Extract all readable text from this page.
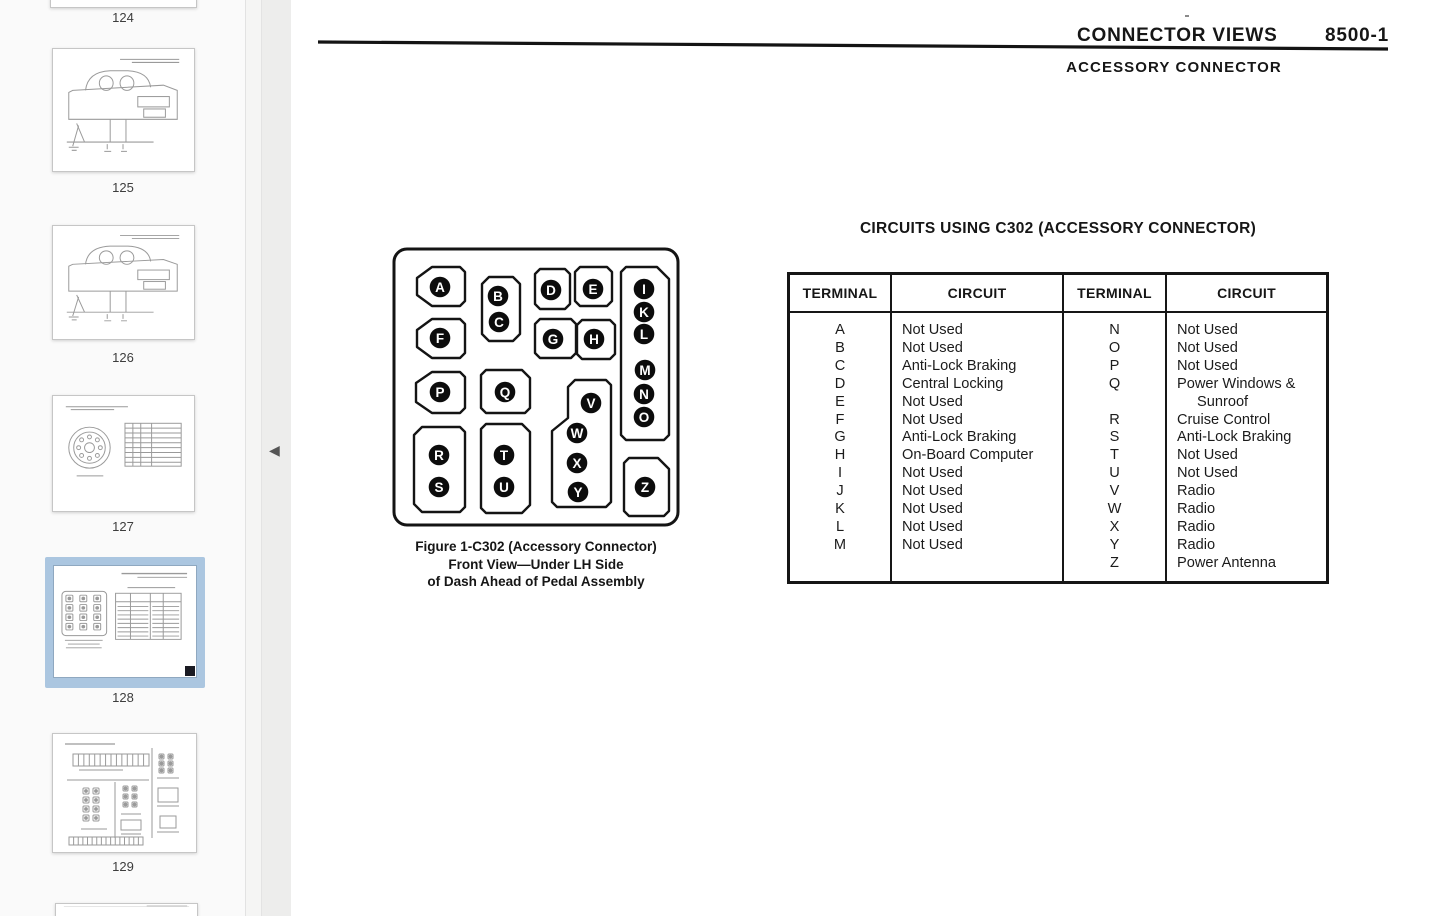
124
125
126
127
128
129
◀
CONNECTOR VIEWS 8500-1
ACCESSORY CONNECTOR
A
F
B
C
D E
G H
I
K
L
M
N
O
P	Q
R
S
T
U
V
W
X
Y	Z
Figure 1-C302 (Accessory Connector)
Front View—Under LH Side
of Dash Ahead of Pedal Assembly
CIRCUITS USING C302 (ACCESSORY CONNECTOR)
TERMINAL
A
B
C
D
E
F
G
H
I
J
K
L
M
CIRCUIT
Not Used
Not Used
Anti-Lock Braking
Central Locking
Not Used
Not Used
Anti-Lock Braking
On-Board Computer
Not Used
Not Used
Not Used
Not Used
Not Used
TERMINAL
N
O
P
Q

R
S
T
U
V
W
X
Y
Z
CIRCUIT
Not Used
Not Used
Not Used
Power Windows &
Sunroof
Cruise Control
Anti-Lock Braking
Not Used
Not Used
Radio
Radio
Radio
Radio
Power Antenna
